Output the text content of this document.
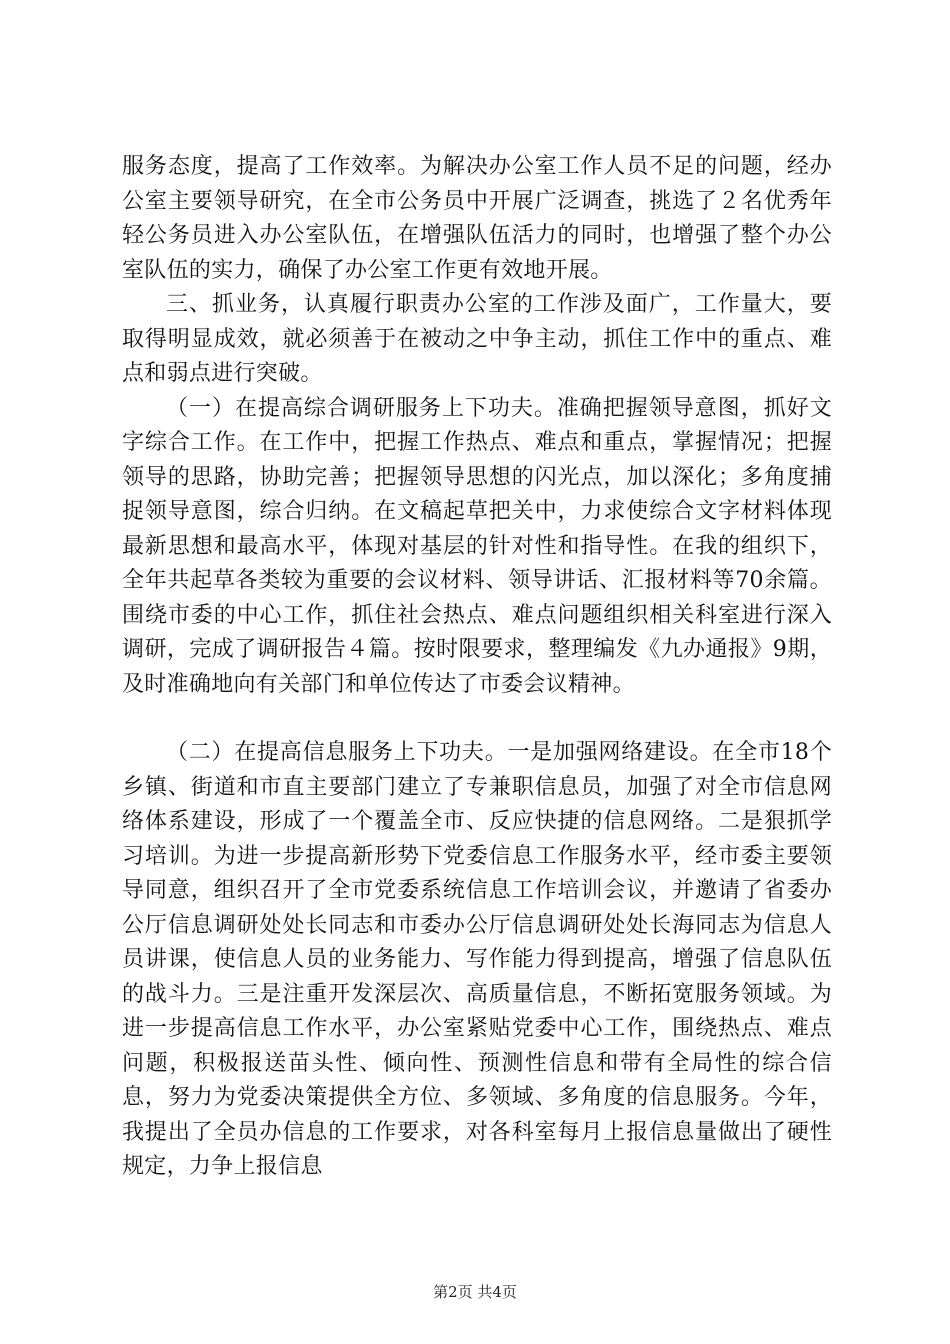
服务态度，提高了工作效率。为解决办公室工作人员不足的问题，经办公室主要领导研究，在全市公务员中开展广泛调查，挑选了２名优秀年轻公务员进入办公室队伍，在增强队伍活力的同时，也增强了整个办公室队伍的实力，确保了办公室工作更有效地开展。

三、抓业务，认真履行职责办公室的工作涉及面广，工作量大，要取得明显成效，就必须善于在被动之中争主动，抓住工作中的重点、难点和弱点进行突破。

（一）在提高综合调研服务上下功夫。准确把握领导意图，抓好文字综合工作。在工作中，把握工作热点、难点和重点，掌握情况；把握领导的思路，协助完善；把握领导思想的闪光点，加以深化；多角度捕捉领导意图，综合归纳。在文稿起草把关中，力求使综合文字材料体现最新思想和最高水平，体现对基层的针对性和指导性。在我的组织下，全年共起草各类较为重要的会议材料、领导讲话、汇报材料等70余篇。围绕市委的中心工作，抓住社会热点、难点问题组织相关科室进行深入调研，完成了调研报告４篇。按时限要求，整理编发《九办通报》9期，及时准确地向有关部门和单位传达了市委会议精神。

（二）在提高信息服务上下功夫。一是加强网络建设。在全市18个乡镇、街道和市直主要部门建立了专兼职信息员，加强了对全市信息网络体系建设，形成了一个覆盖全市、反应快捷的信息网络。二是狠抓学习培训。为进一步提高新形势下党委信息工作服务水平，经市委主要领导同意，组织召开了全市党委系统信息工作培训会议，并邀请了省委办公厅信息调研处处长同志和市委办公厅信息调研处处长海同志为信息人员讲课，使信息人员的业务能力、写作能力得到提高，增强了信息队伍的战斗力。三是注重开发深层次、高质量信息，不断拓宽服务领域。为进一步提高信息工作水平，办公室紧贴党委中心工作，围绕热点、难点问题，积极报送苗头性、倾向性、预测性信息和带有全局性的综合信息，努力为党委决策提供全方位、多领域、多角度的信息服务。今年，我提出了全员办信息的工作要求，对各科室每月上报信息量做出了硬性规定，力争上报信息

第2页 共4页
